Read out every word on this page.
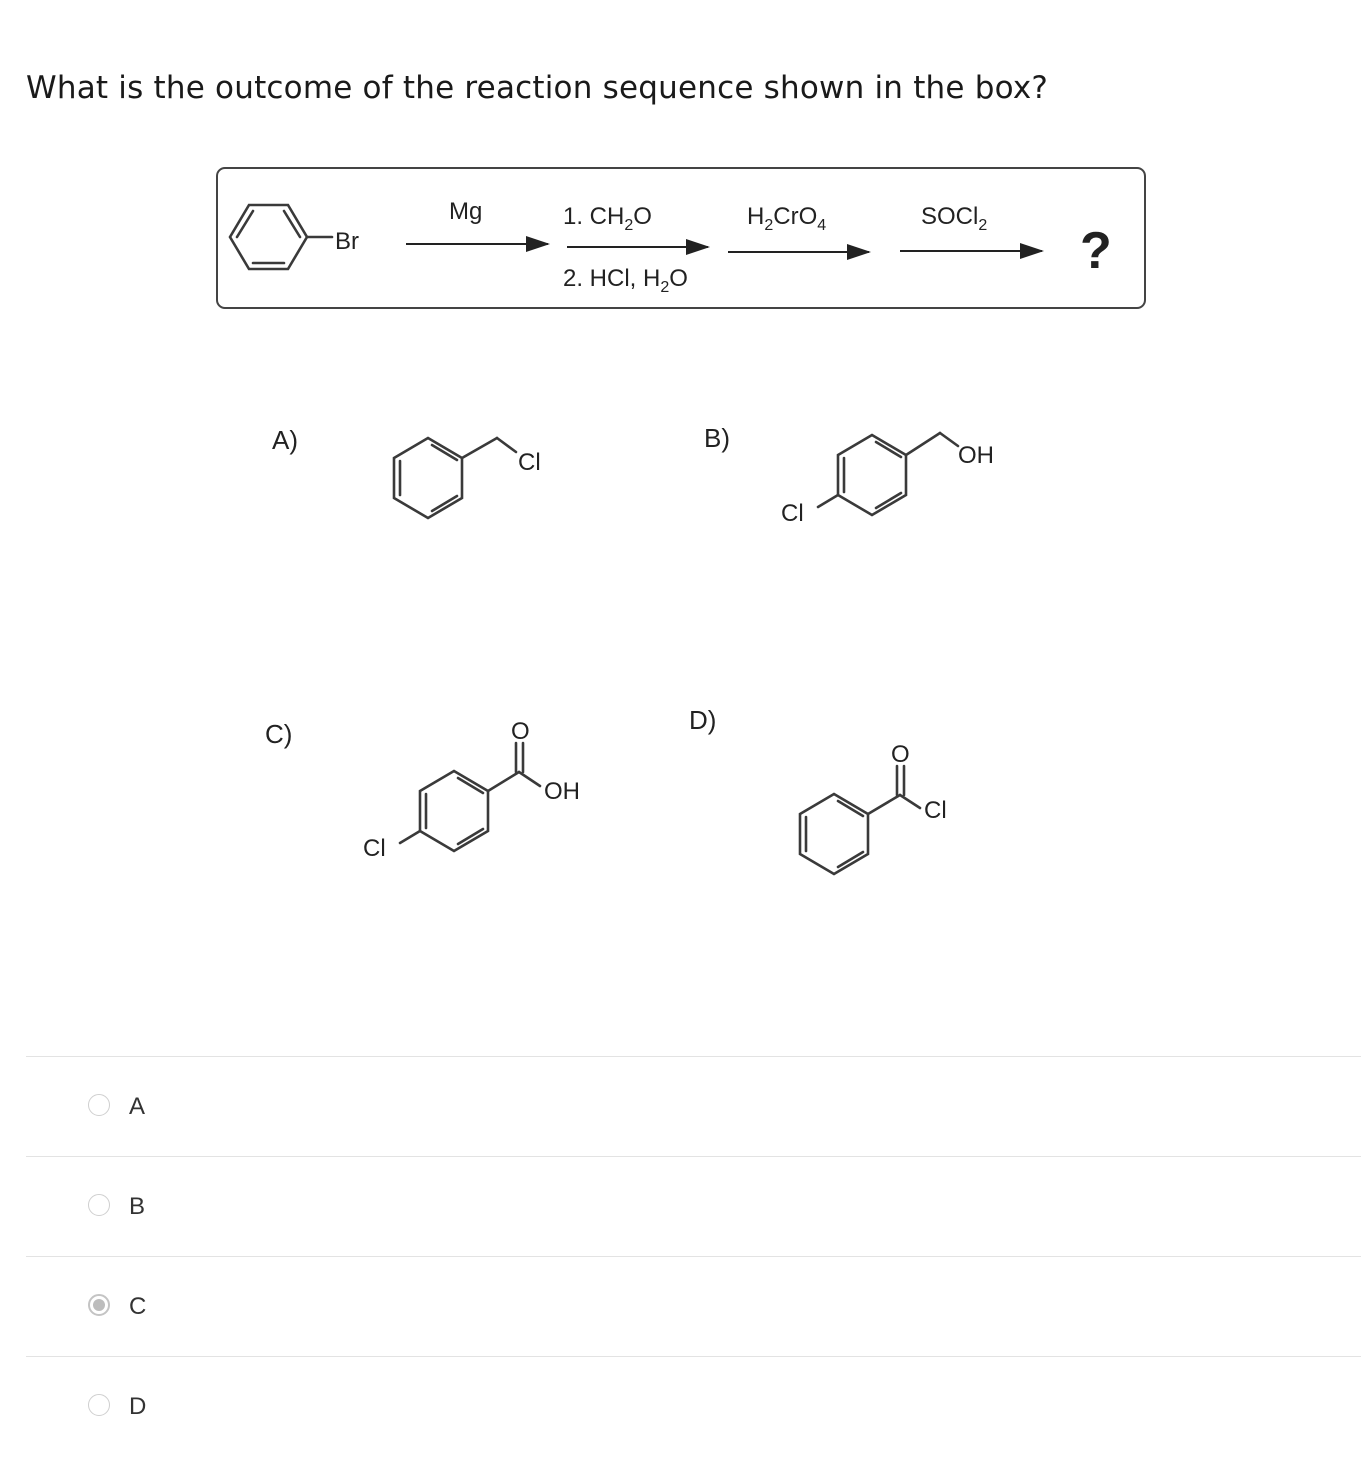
What is the outcome of the reaction sequence shown in the box?
Br
Mg	1. $CH_2O$
2. HCl, $H_2O$
$H_2CrO_4$	SOCl$_2$ ?
A)
Cl
B)
OH
Cl
C)	O
OH
Cl
D)
O
Cl
A
B
C
D
